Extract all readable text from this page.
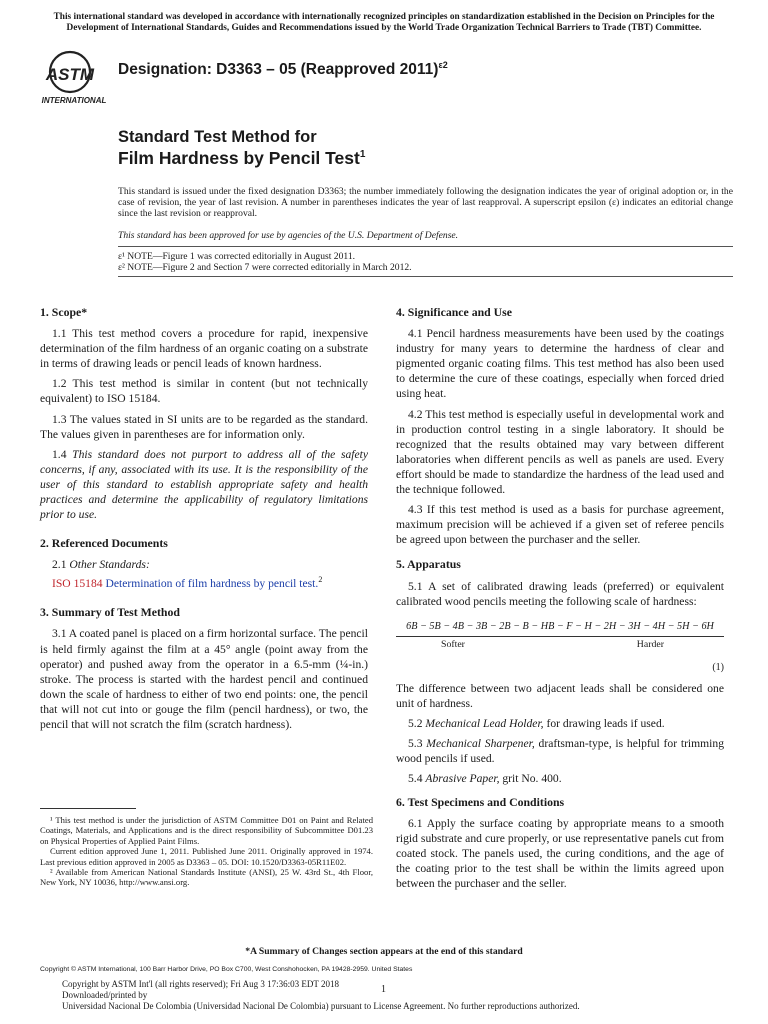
This international standard was developed in accordance with internationally recognized principles on standardization established in the Decision on Principles for the Development of International Standards, Guides and Recommendations issued by the World Trade Organization Technical Barriers to Trade (TBT) Committee.
ASTM
INTERNATIONAL
Designation: D3363 – 05 (Reapproved 2011)$^{\varepsilon 2}$
Standard Test Method for
Film Hardness by Pencil Test$^1$
This standard is issued under the fixed designation D3363; the number immediately following the designation indicates the year of original adoption or, in the case of revision, the year of last revision. A number in parentheses indicates the year of last reapproval. A superscript epsilon (ε) indicates an editorial change since the last revision or reapproval.
This standard has been approved for use by agencies of the U.S. Department of Defense.
ε¹ NOTE—Figure 1 was corrected editorially in August 2011.
ε² NOTE—Figure 2 and Section 7 were corrected editorially in March 2012.
1. Scope*

1.1 This test method covers a procedure for rapid, inexpensive determination of the film hardness of an organic coating on a substrate in terms of drawing leads or pencil leads of known hardness.

1.2 This test method is similar in content (but not technically equivalent) to ISO 15184.

1.3 The values stated in SI units are to be regarded as the standard. The values given in parentheses are for information only.

1.4 This standard does not purport to address all of the safety concerns, if any, associated with its use. It is the responsibility of the user of this standard to establish appropriate safety and health practices and determine the applicability of regulatory limitations prior to use.

2. Referenced Documents

2.1 Other Standards:

ISO 15184 Determination of film hardness by pencil test.$^2$

3. Summary of Test Method

3.1 A coated panel is placed on a firm horizontal surface. The pencil is held firmly against the film at a 45° angle (point away from the operator) and pushed away from the operator in a 6.5-mm (¼-in.) stroke. The process is started with the hardest pencil and continued down the scale of hardness to either of two end points: one, the pencil that will not cut into or gouge the film (pencil hardness), or two, the pencil that will not scratch the film (scratch hardness).

¹ This test method is under the jurisdiction of ASTM Committee D01 on Paint and Related Coatings, Materials, and Applications and is the direct responsibility of Subcommittee D01.23 on Physical Properties of Applied Paint Films.

Current edition approved June 1, 2011. Published June 2011. Originally approved in 1974. Last previous edition approved in 2005 as D3363 – 05. DOI: 10.1520/D3363-05R11E02.

² Available from American National Standards Institute (ANSI), 25 W. 43rd St., 4th Floor, New York, NY 10036, http://www.ansi.org.

4. Significance and Use

4.1 Pencil hardness measurements have been used by the coatings industry for many years to determine the hardness of clear and pigmented organic coating films. This test method has also been used to determine the cure of these coatings, especially when forced dried using heat.

4.2 This test method is especially useful in developmental work and in production control testing in a single laboratory. It should be recognized that the results obtained may vary between different laboratories when different pencils as well as panels are used. Every effort should be made to standardize the hardness of the lead used and the technique followed.

4.3 If this test method is used as a basis for purchase agreement, maximum precision will be achieved if a given set of referee pencils be agreed upon between the purchaser and the seller.

5. Apparatus

5.1 A set of calibrated drawing leads (preferred) or equivalent calibrated wood pencils meeting the following scale of hardness:

6B − 5B − 4B − 3B − 2B − B − HB − F − H − 2H − 3H − 4H − 5H − 6H
Softer	Harder
(1)

The difference between two adjacent leads shall be considered one unit of hardness.

5.2 Mechanical Lead Holder, for drawing leads if used.

5.3 Mechanical Sharpener, draftsman-type, is helpful for trimming wood pencils if used.

5.4 Abrasive Paper, grit No. 400.

6. Test Specimens and Conditions

6.1 Apply the surface coating by appropriate means to a smooth rigid substrate and cure properly, or use representative panels cut from coated stock. The panels used, the curing conditions, and the age of the coating prior to the test shall be within the limits agreed upon between the purchaser and the seller.

*A Summary of Changes section appears at the end of this standard
Copyright © ASTM International, 100 Barr Harbor Drive, PO Box C700, West Conshohocken, PA 19428-2959. United States
Copyright by ASTM Int'l (all rights reserved); Fri Aug 3 17:36:03 EDT 2018
Downloaded/printed by
Universidad Nacional De Colombia (Universidad Nacional De Colombia) pursuant to License Agreement. No further reproductions authorized.
1
